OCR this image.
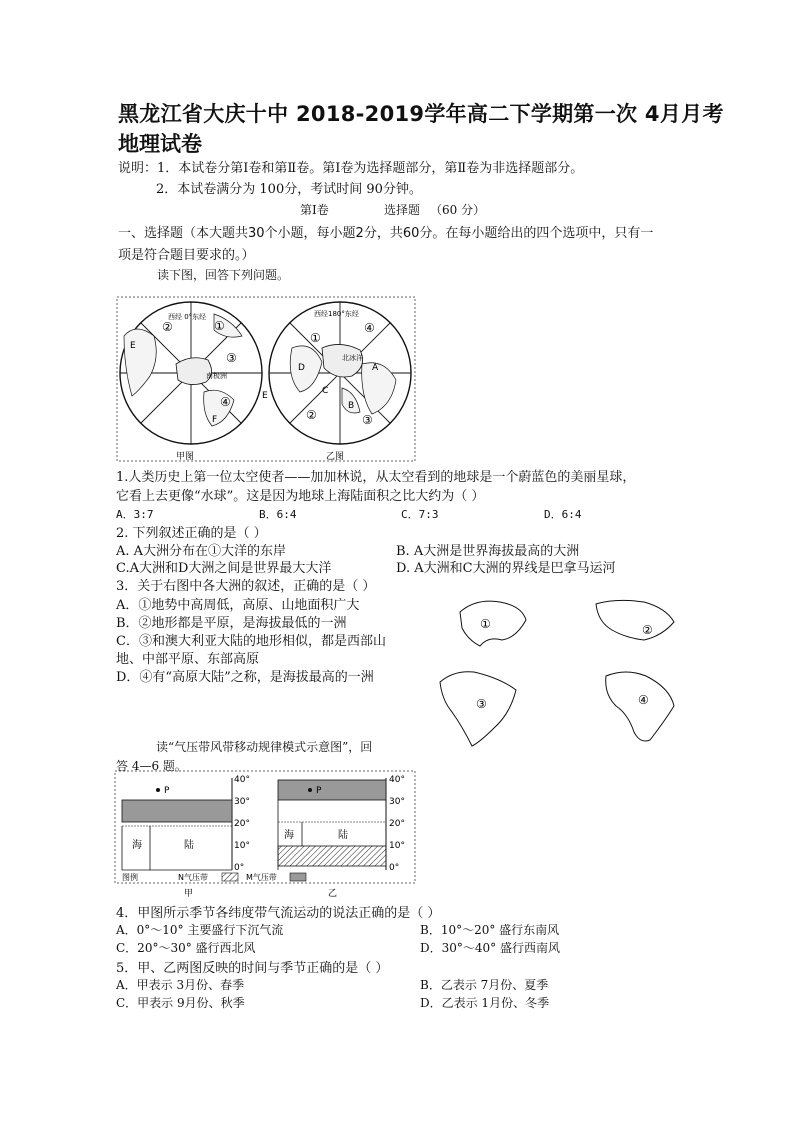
黑龙江省大庆十中 2018-2019学年高二下学期第一次 4月月考
地理试卷
说明：1．本试卷分第Ⅰ卷和第Ⅱ卷。第Ⅰ卷为选择题部分，第Ⅱ卷为非选择题部分。
2．本试卷满分为 100分，考试时间 90分钟。
第Ⅰ卷	选择题 （60 分）
一、选择题（本大题共30个小题，每小题2分，共60分。在每小题给出的四个选项中，只有一
项是符合题目要求的。）
读下图，回答下列问题。
西经 0°东经	西经180°东经
南极洲
北冰洋
②	①
③
④
E
F
①
④
②	③
A
B
C
D
E
甲图	乙图
1.人类历史上第一位太空使者——加加林说，从太空看到的地球是一个蔚蓝色的美丽星球，
它看上去更像“水球”。这是因为地球上海陆面积之比大约为（ ）
A．3:7	B．6:4	C．7:3	D．6:4
2. 下列叙述正确的是（ ）
A. A大洲分布在①大洋的东岸	B. A大洲是世界海拔最高的大洲
C.A大洲和D大洲之间是世界最大大洋	D. A大洲和C大洲的界线是巴拿马运河
3．关于右图中各大洲的叙述，正确的是（ ）
A．①地势中高周低，高原、山地面积广大
B．②地形都是平原，是海拔最低的一洲
C．③和澳大利亚大陆的地形相似，都是西部山
地、中部平原、东部高原
D．④有“高原大陆”之称，是海拔最高的一洲
①	②
③	④
读“气压带风带移动规律模式示意图”，回
答 4—6 题。
P
海	陆
40°
30°
20°
10°
0°
P
海	陆
40°
30°
20°
10°
0°
图例	N气压带	M气压带
甲	乙
4．甲图所示季节各纬度带气流运动的说法正确的是（ ）
A．0°～10° 主要盛行下沉气流	B．10°～20° 盛行东南风
C．20°～30° 盛行西北风	D．30°～40° 盛行西南风
5．甲、乙两图反映的时间与季节正确的是（ ）
A．甲表示 3月份、春季	B．乙表示 7月份、夏季
C．甲表示 9月份、秋季	D．乙表示 1月份、冬季
